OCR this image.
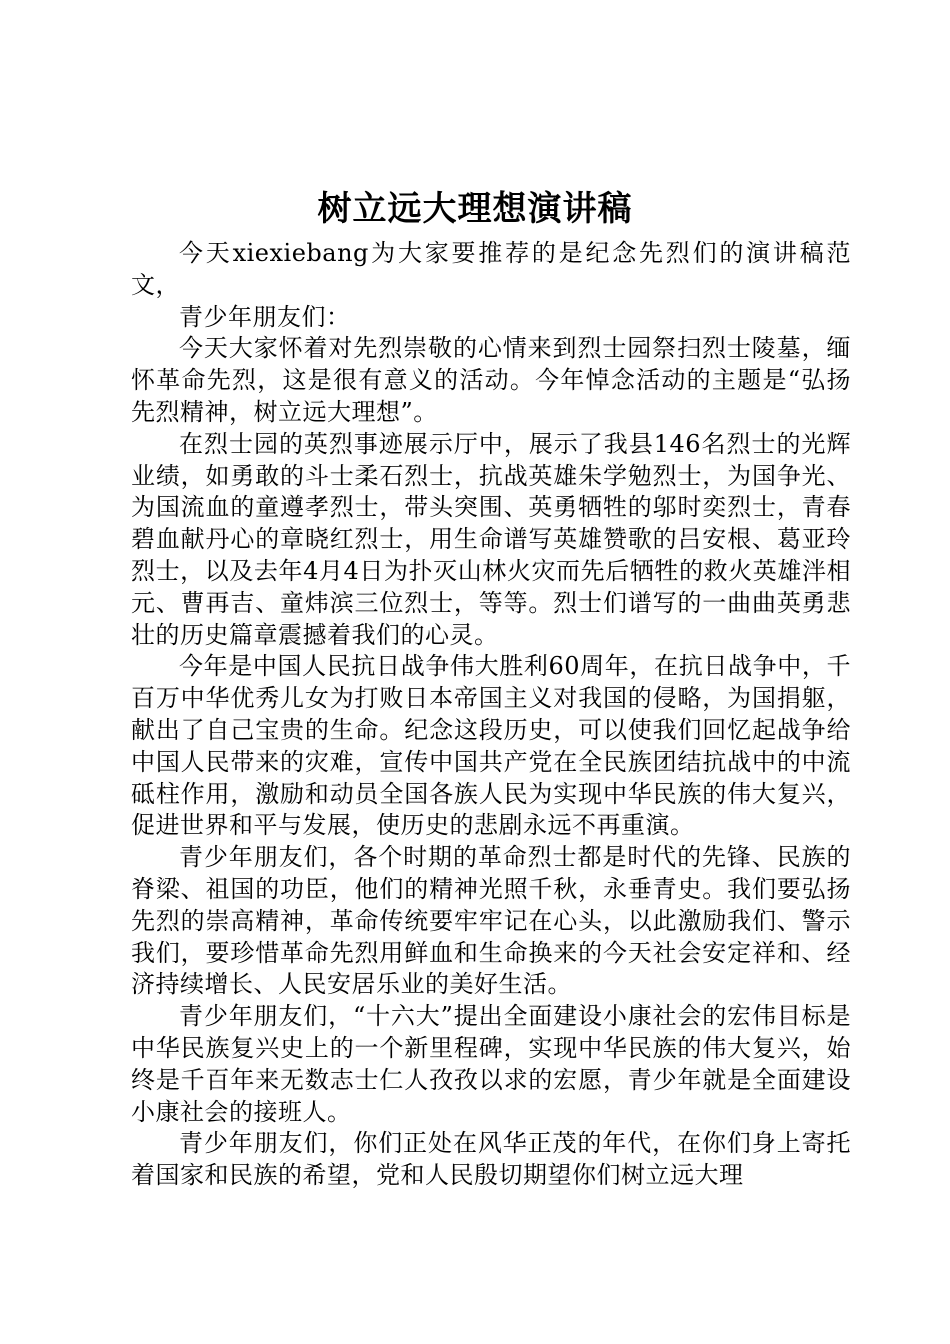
树立远大理想演讲稿

今天xiexiebang为大家要推荐的是纪念先烈们的演讲稿范文，

青少年朋友们：

今天大家怀着对先烈崇敬的心情来到烈士园祭扫烈士陵墓，缅怀革命先烈，这是很有意义的活动。今年悼念活动的主题是“弘扬先烈精神，树立远大理想”。

在烈士园的英烈事迹展示厅中，展示了我县146名烈士的光辉业绩，如勇敢的斗士柔石烈士，抗战英雄朱学勉烈士，为国争光、为国流血的童遵孝烈士，带头突围、英勇牺牲的邬时奕烈士，青春碧血献丹心的章晓红烈士，用生命谱写英雄赞歌的吕安根、葛亚玲烈士，以及去年4月4日为扑灭山林火灾而先后牺牲的救火英雄泮相元、曹再吉、童炜滨三位烈士，等等。烈士们谱写的一曲曲英勇悲壮的历史篇章震撼着我们的心灵。

今年是中国人民抗日战争伟大胜利60周年，在抗日战争中，千百万中华优秀儿女为打败日本帝国主义对我国的侵略，为国捐躯，献出了自己宝贵的生命。纪念这段历史，可以使我们回忆起战争给中国人民带来的灾难，宣传中国共产党在全民族团结抗战中的中流砥柱作用，激励和动员全国各族人民为实现中华民族的伟大复兴，促进世界和平与发展，使历史的悲剧永远不再重演。

青少年朋友们，各个时期的革命烈士都是时代的先锋、民族的脊梁、祖国的功臣，他们的精神光照千秋，永垂青史。我们要弘扬先烈的崇高精神，革命传统要牢牢记在心头，以此激励我们、警示我们，要珍惜革命先烈用鲜血和生命换来的今天社会安定祥和、经济持续增长、人民安居乐业的美好生活。

青少年朋友们，“十六大”提出全面建设小康社会的宏伟目标是中华民族复兴史上的一个新里程碑，实现中华民族的伟大复兴，始终是千百年来无数志士仁人孜孜以求的宏愿，青少年就是全面建设小康社会的接班人。

青少年朋友们，你们正处在风华正茂的年代，在你们身上寄托着国家和民族的希望，党和人民殷切期望你们树立远大理
